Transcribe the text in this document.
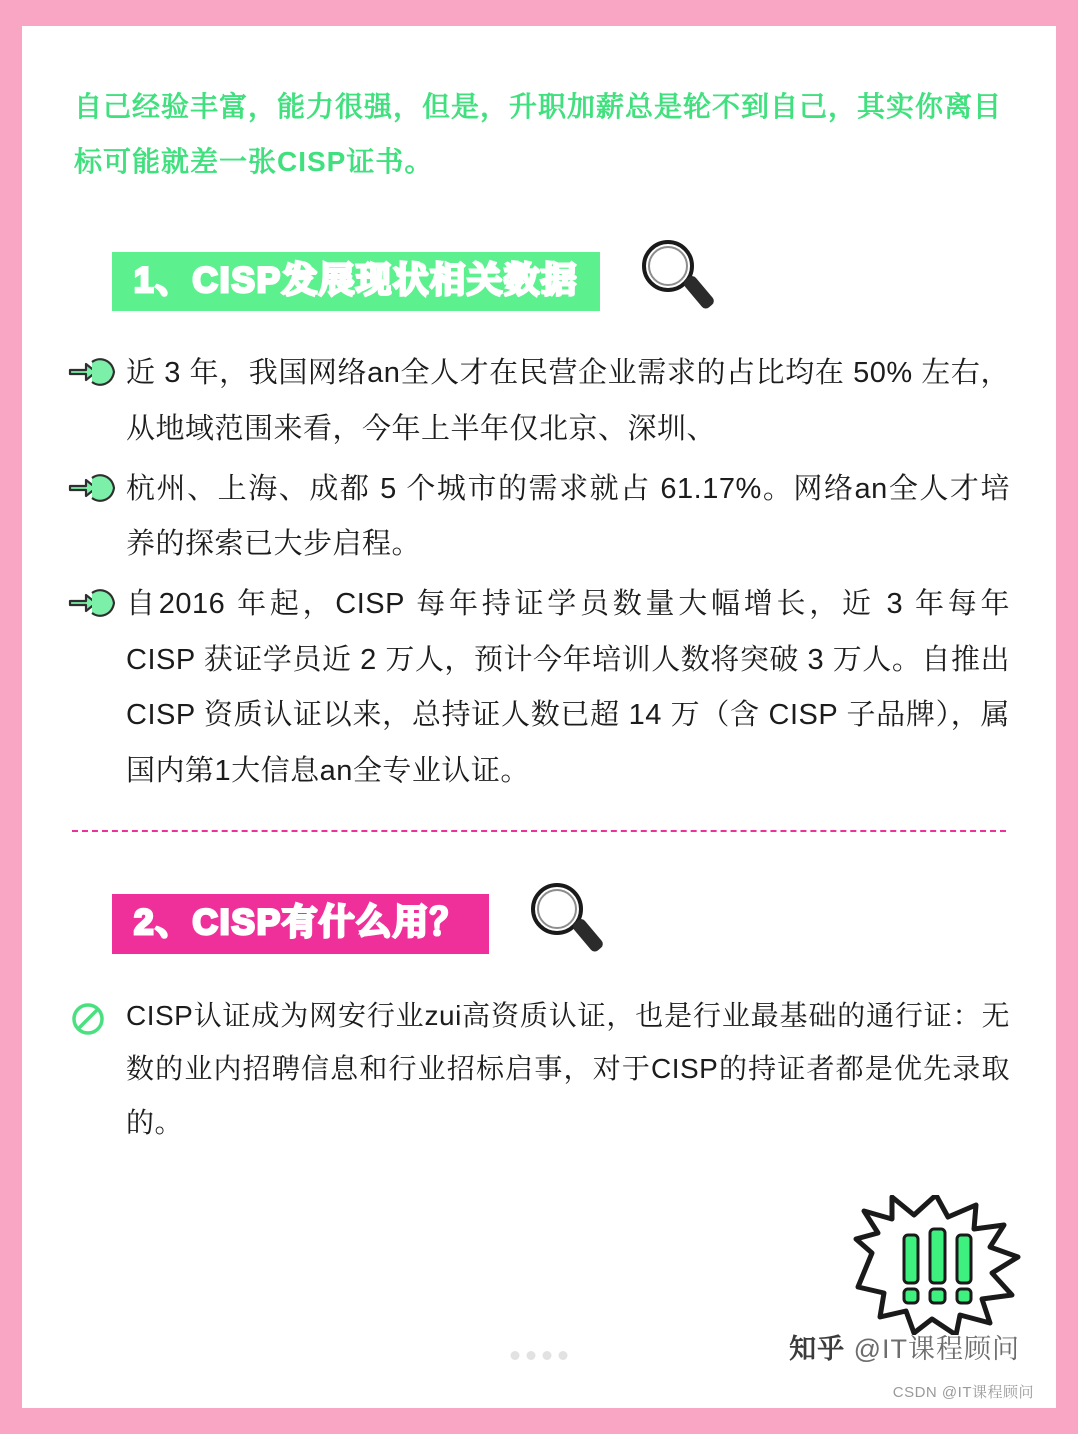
自己经验丰富，能力很强，但是，升职加薪总是轮不到自己，其实你离目标可能就差一张CISP证书。
1、CISP发展现状相关数据

近 3 年，我国网络an全人才在民营企业需求的占比均在 50% 左右，从地域范围来看，今年上半年仅北京、深圳、

杭州、上海、成都 5 个城市的需求就占 61.17%。网络an全人才培养的探索已大步启程。

自2016 年起，CISP 每年持证学员数量大幅增长，近 3 年每年 CISP 获证学员近 2 万人，预计今年培训人数将突破 3 万人。自推出 CISP 资质认证以来，总持证人数已超 14 万（含 CISP 子品牌），属国内第1大信息an全专业认证。

2、CISP有什么用？

CISP认证成为网安行业zui高资质认证，也是行业最基础的通行证：无数的业内招聘信息和行业招标启事，对于CISP的持证者都是优先录取的。

知乎 @IT课程顾问
CSDN @IT课程顾问
